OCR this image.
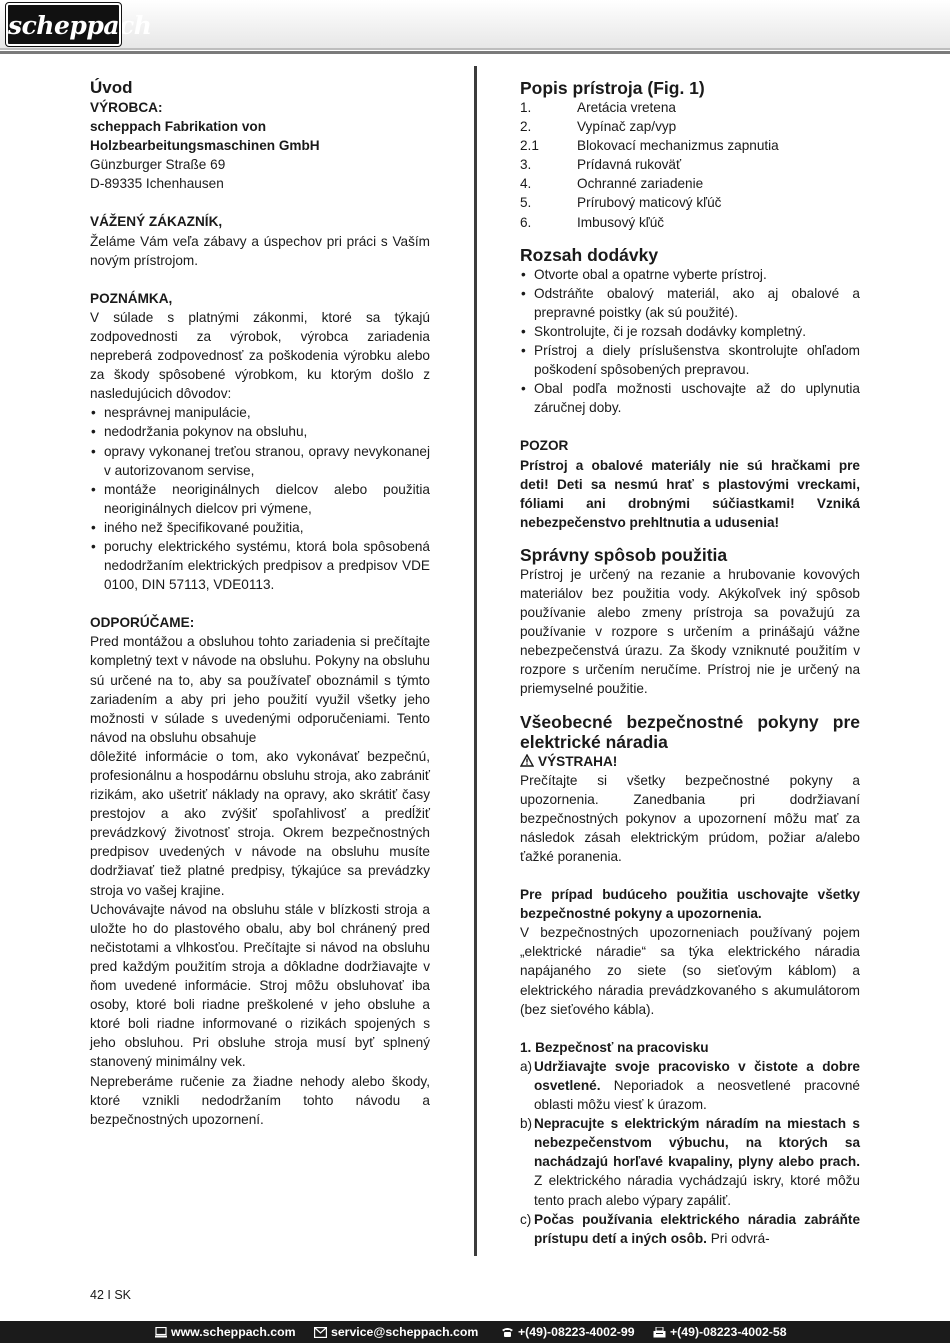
scheppach
Úvod
VÝROBCA:
scheppach Fabrikation von
Holzbearbeitungsmaschinen GmbH
Günzburger Straße 69
D-89335 Ichenhausen
VÁŽENÝ ZÁKAZNÍK,
Želáme Vám veľa zábavy a úspechov pri práci s Vaším novým prístrojom.
POZNÁMKA,
V súlade s platnými zákonmi, ktoré sa týkajú zodpovednosti za výrobok, výrobca zariadenia nepreberá zodpovednosť za poškodenia výrobku alebo za škody spôsobené výrobkom, ku ktorým došlo z nasledujúcich dôvodov:
• nesprávnej manipulácie,
• nedodržania pokynov na obsluhu,
• opravy vykonanej treťou stranou, opravy nevykonanej v autorizovanom servise,
• montáže neoriginálnych dielcov alebo použitia neoriginálnych dielcov pri výmene,
• iného než špecifikované použitia,
• poruchy elektrického systému, ktorá bola spôsobená nedodržaním elektrických predpisov a predpisov VDE 0100, DIN 57113, VDE0113.
ODPORÚČAME:
Pred montážou a obsluhou tohto zariadenia si prečítajte kompletný text v návode na obsluhu. Pokyny na obsluhu sú určené na to, aby sa používateľ oboznámil s týmto zariadením a aby pri jeho použití využil všetky jeho možnosti v súlade s uvedenými odporučeniami. Tento návod na obsluhu obsahuje
dôležité informácie o tom, ako vykonávať bezpečnú, profesionálnu a hospodárnu obsluhu stroja, ako zabrániť rizikám, ako ušetriť náklady na opravy, ako skrátiť časy prestojov a ako zvýšiť spoľahlivosť a predĺžiť prevádzkový životnosť stroja. Okrem bezpečnostných predpisov uvedených v návode na obsluhu musíte dodržiavať tiež platné predpisy, týkajúce sa prevádzky stroja vo vašej krajine.
Uchovávajte návod na obsluhu stále v blízkosti stroja a uložte ho do plastového obalu, aby bol chránený pred nečistotami a vlhkosťou. Prečítajte si návod na obsluhu pred každým použitím stroja a dôkladne dodržiavajte v ňom uvedené informácie. Stroj môžu obsluhovať iba osoby, ktoré boli riadne preškolené v jeho obsluhe a ktoré boli riadne informované o rizikách spojených s jeho obsluhou. Pri obsluhe stroja musí byť splnený stanovený minimálny vek.
Nepreberáme ručenie za žiadne nehody alebo škody, ktoré vznikli nedodržaním tohto návodu a bezpečnostných upozornení.
Popis prístroja (Fig. 1)
1.	Aretácia vretena
2.	Vypínač zap/vyp
2.1	Blokovací mechanizmus zapnutia
3.	Prídavná rukoväť
4.	Ochranné zariadenie
5.	Prírubový maticový kľúč
6.	Imbusový kľúč
Rozsah dodávky
• Otvorte obal a opatrne vyberte prístroj.
• Odstráňte obalový materiál, ako aj obalové a prepravné poistky (ak sú použité).
• Skontrolujte, či je rozsah dodávky kompletný.
• Prístroj a diely príslušenstva skontrolujte ohľadom poškodení spôsobených prepravou.
• Obal podľa možnosti uschovajte až do uplynutia záručnej doby.
POZOR
Prístroj a obalové materiály nie sú hračkami pre deti! Deti sa nesmú hrať s plastovými vreckami, fóliami ani drobnými súčiastkami! Vzniká nebezpečenstvo prehltnutia a udusenia!
Správny spôsob použitia
Prístroj je určený na rezanie a hrubovanie kovových materiálov bez použitia vody. Akýkoľvek iný spôsob používanie alebo zmeny prístroja sa považujú za používanie v rozpore s určením a prinášajú vážne nebezpečenstvá úrazu. Za škody vzniknuté použitím v rozpore s určením neručíme. Prístroj nie je určený na priemyselné použitie.
Všeobecné bezpečnostné pokyny pre elektrické náradia
VÝSTRAHA!
Prečítajte si všetky bezpečnostné pokyny a upozornenia. Zanedbania pri dodržiavaní bezpečnostných pokynov a upozornení môžu mať za následok zásah elektrickým prúdom, požiar a/alebo ťažké poranenia.
Pre prípad budúceho použitia uschovajte všetky bezpečnostné pokyny a upozornenia.
V bezpečnostných upozorneniach používaný pojem „elektrické náradie“ sa týka elektrického náradia napájaného zo siete (so sieťovým káblom) a elektrického náradia prevádzkovaného s akumulátorom (bez sieťového kábla).
1. Bezpečnosť na pracovisku
a) Udržiavajte svoje pracovisko v čistote a dobre osvetlené. Neporiadok a neosvetlené pracovné oblasti môžu viesť k úrazom.
b) Nepracujte s elektrickým náradím na miestach s nebezpečenstvom výbuchu, na ktorých sa nachádzajú horľavé kvapaliny, plyny alebo prach. Z elektrického náradia vychádzajú iskry, ktoré môžu tento prach alebo výpary zapáliť.
c) Počas používania elektrického náradia zabráňte prístupu detí a iných osôb. Pri odvrá-
42 I SK
www.scheppach.com	service@scheppach.com	+(49)-08223-4002-99	+(49)-08223-4002-58
